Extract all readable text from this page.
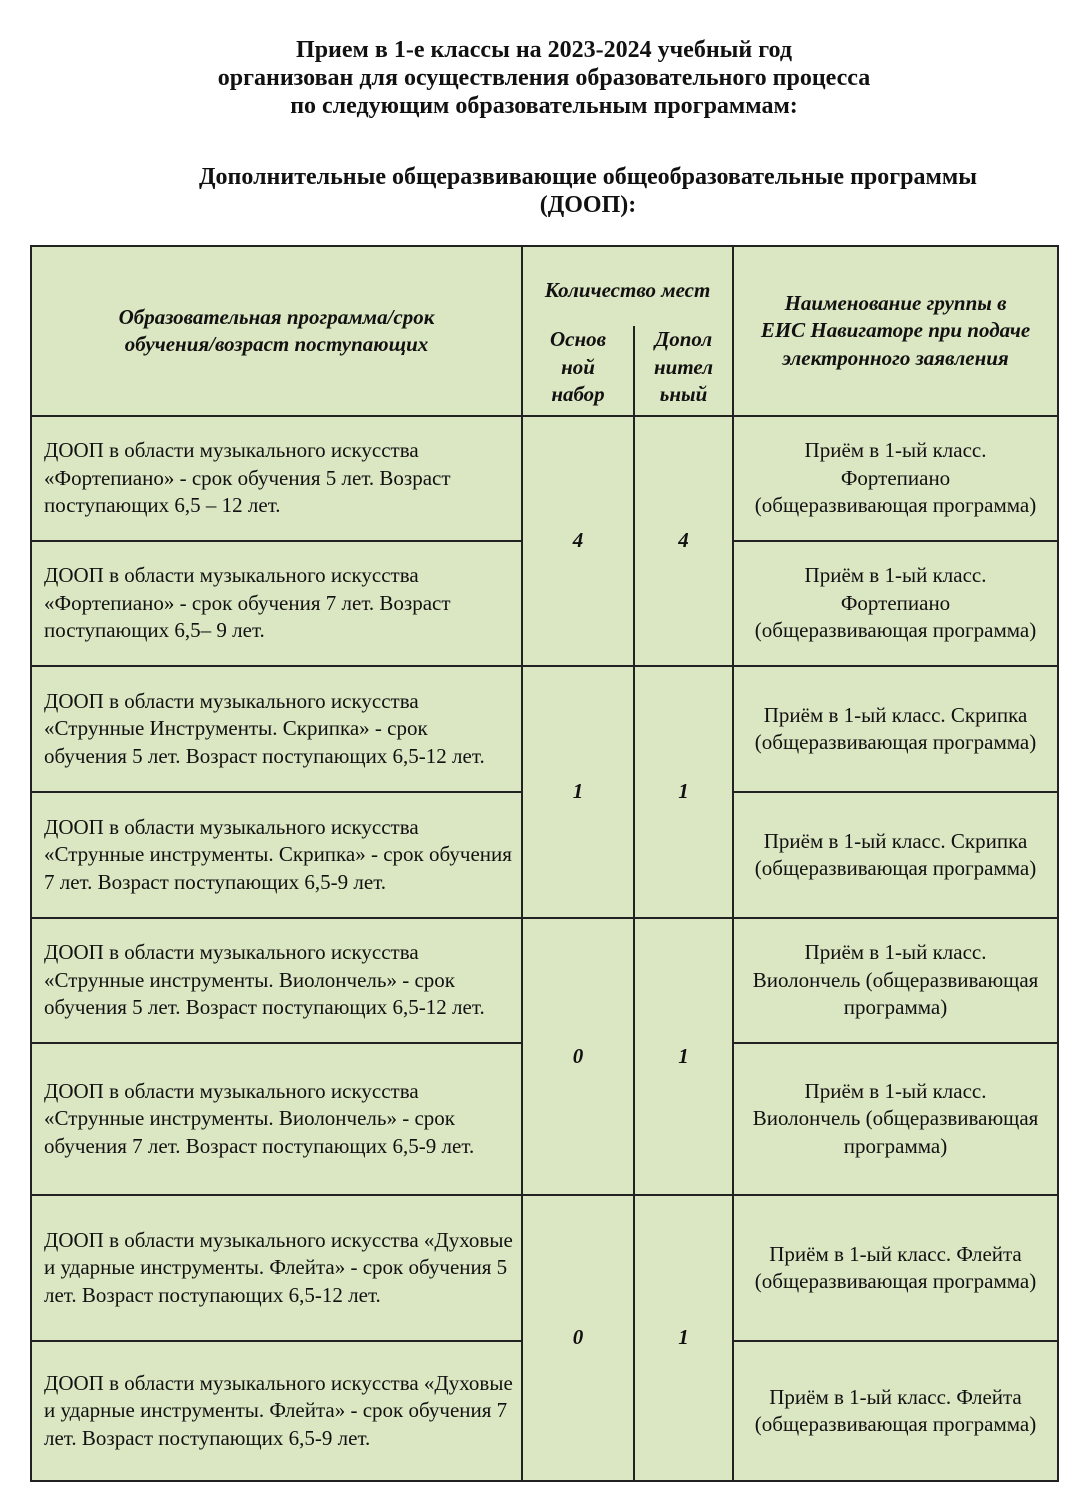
Прием в 1-е классы на 2023-2024 учебный год
организован для осуществления образовательного процесса
по следующим образовательным программам:
Дополнительные общеразвивающие общеобразовательные программы
(ДООП):
Образовательная программа/срок обучения/возраст поступающих	Количество мест		Наименование группы в ЕИС Навигаторе при подаче электронного заявления
	Основ ной набор	Допол нител ьный	
ДООП в области музыкального искусства «Фортепиано» - срок обучения 5 лет. Возраст поступающих 6,5 – 12 лет.	4	4	Приём в 1-ый класс. Фортепиано (общеразвивающая программа)
ДООП в области музыкального искусства «Фортепиано» - срок обучения 7 лет. Возраст поступающих 6,5– 9 лет.			Приём в 1-ый класс. Фортепиано (общеразвивающая программа)
ДООП в области музыкального искусства «Струнные Инструменты. Скрипка» - срок обучения 5 лет. Возраст поступающих 6,5-12 лет.	1	1	Приём в 1-ый класс. Скрипка (общеразвивающая программа)
ДООП в области музыкального искусства «Струнные инструменты. Скрипка» - срок обучения 7 лет. Возраст поступающих 6,5-9 лет.			Приём в 1-ый класс. Скрипка (общеразвивающая программа)
ДООП в области музыкального искусства «Струнные инструменты. Виолончель» - срок обучения 5 лет. Возраст поступающих 6,5-12 лет.	0	1	Приём в 1-ый класс. Виолончель (общеразвивающая программа)
ДООП в области музыкального искусства «Струнные инструменты. Виолончель» - срок обучения 7 лет. Возраст поступающих 6,5-9 лет.			Приём в 1-ый класс. Виолончель (общеразвивающая программа)
ДООП в области музыкального искусства «Духовые и ударные инструменты. Флейта» - срок обучения 5 лет. Возраст поступающих 6,5-12 лет.	0	1	Приём в 1-ый класс. Флейта (общеразвивающая программа)
ДООП в области музыкального искусства «Духовые и ударные инструменты. Флейта» - срок обучения 7 лет. Возраст поступающих 6,5-9 лет.			Приём в 1-ый класс. Флейта (общеразвивающая программа)
